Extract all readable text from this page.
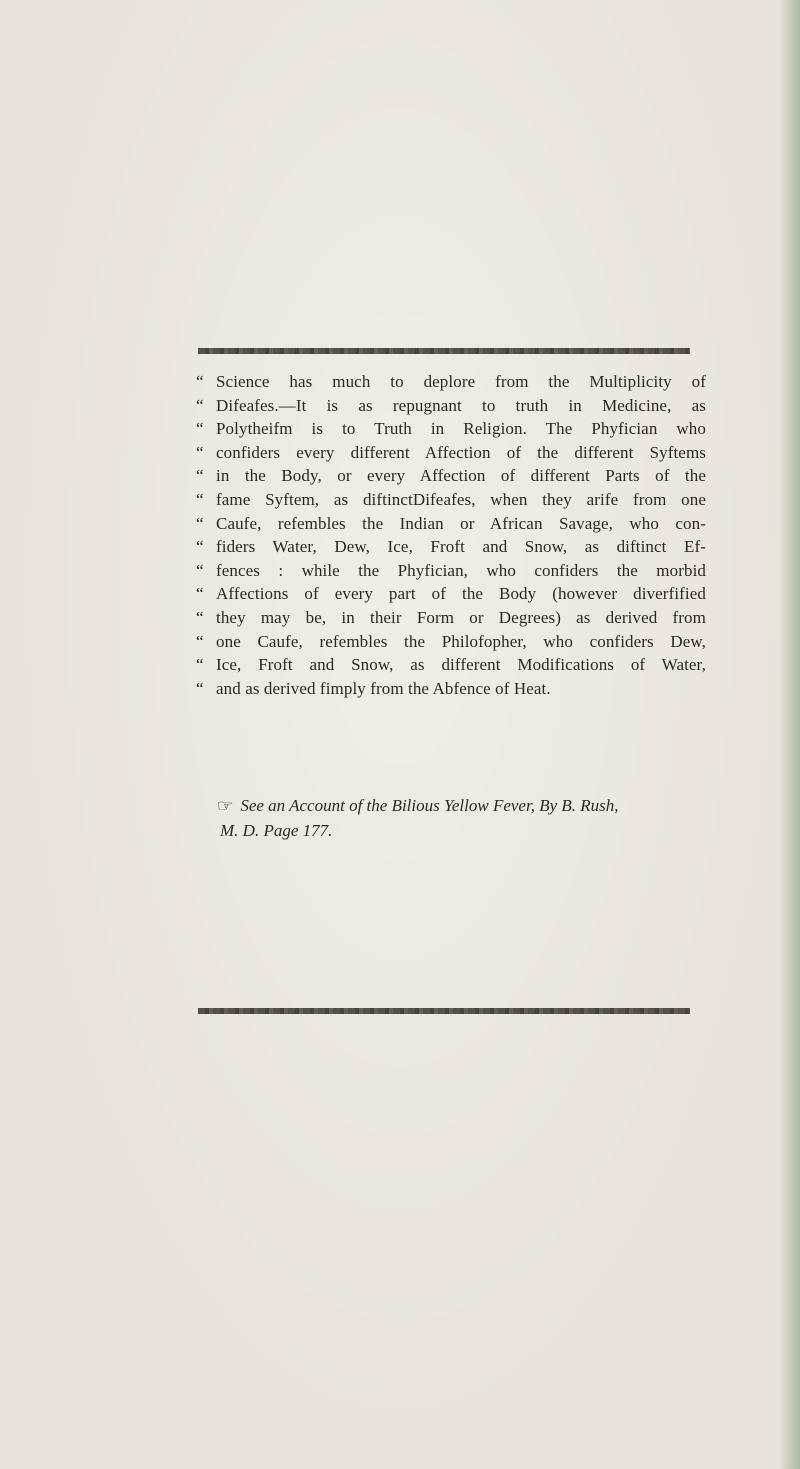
“ Science has much to deplore from the Multiplicity of
“ Difeafes.—It is as repugnant to truth in Medicine, as
“ Polytheifm is to Truth in Religion. The Phyfician who
“ confiders every different Affection of the different Syftems
“ in the Body, or every Affection of different Parts of the
“ fame Syftem, as diftinctDifeafes, when they arife from one
“ Caufe, refembles the Indian or African Savage, who con-
“ fiders Water, Dew, Ice, Froft and Snow, as diftinct Ef-
“ fences : while the Phyfician, who confiders the morbid
“ Affections of every part of the Body (however diverfified
“ they may be, in their Form or Degrees) as derived from
“ one Caufe, refembles the Philofopher, who confiders Dew,
“ Ice, Froft and Snow, as different Modifications of Water,
“ and as derived fimply from the Abfence of Heat.
☞ See an Account of the Bilious Yellow Fever, By B. Rush,
M. D. Page 177.
